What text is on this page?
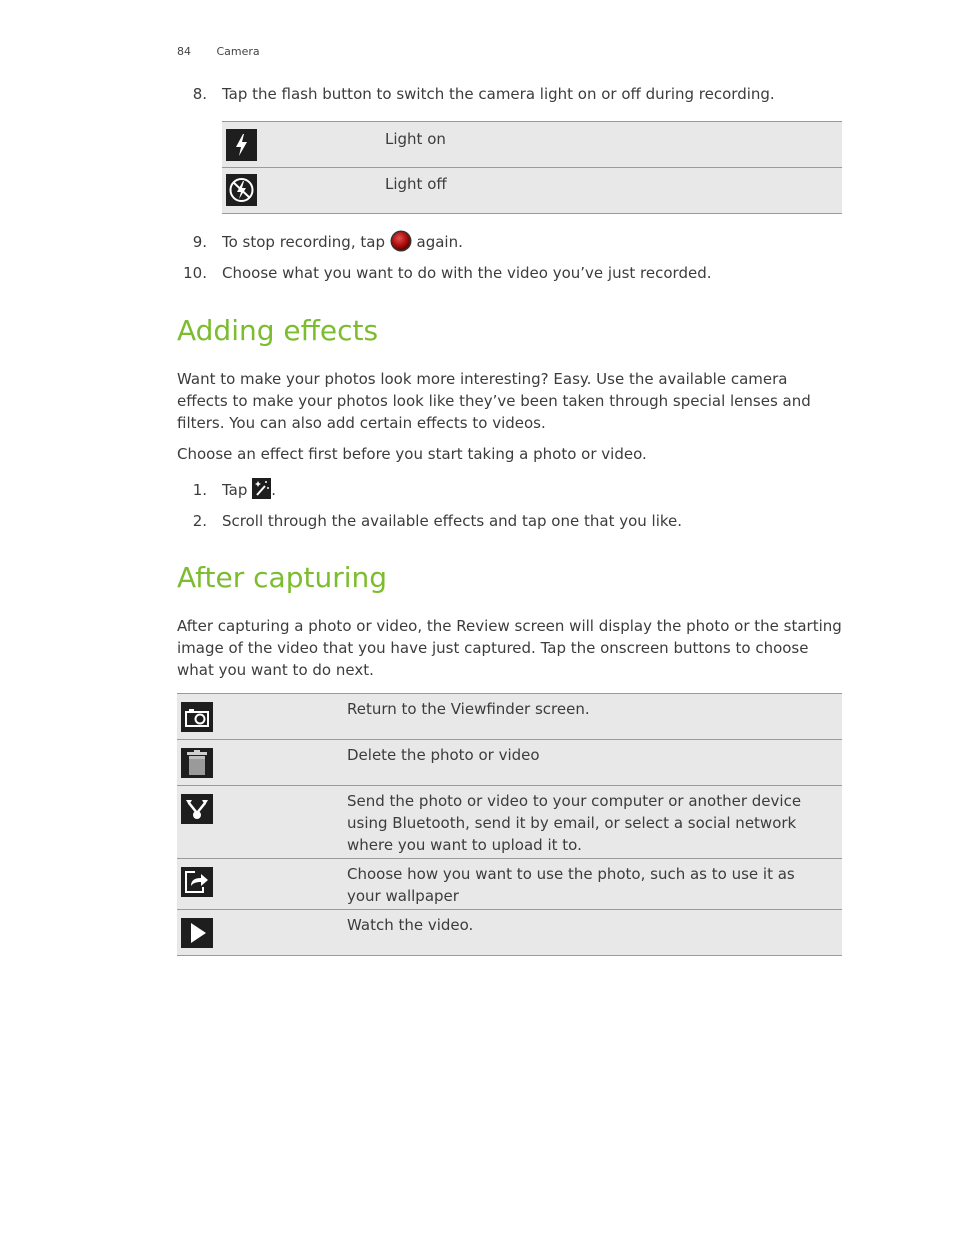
84 Camera
8. Tap the flash button to switch the camera light on or off during recording.
	Light on

	Light off
9. To stop recording, tap again.
10. Choose what you want to do with the video you’ve just recorded.
Adding effects

Want to make your photos look more interesting? Easy. Use the available camera effects to make your photos look like they’ve been taken through special lenses and filters. You can also add certain effects to videos.

Choose an effect first before you start taking a photo or video.

1. Tap .
2. Scroll through the available effects and tap one that you like.
After capturing

After capturing a photo or video, the Review screen will display the photo or the starting image of the video that you have just captured. Tap the onscreen buttons to choose what you want to do next.

	Return to the Viewfinder screen.

	Delete the photo or video

	Send the photo or video to your computer or another device using Bluetooth, send it by email, or select a social network where you want to upload it to.

	Choose how you want to use the photo, such as to use it as your wallpaper

	Watch the video.
